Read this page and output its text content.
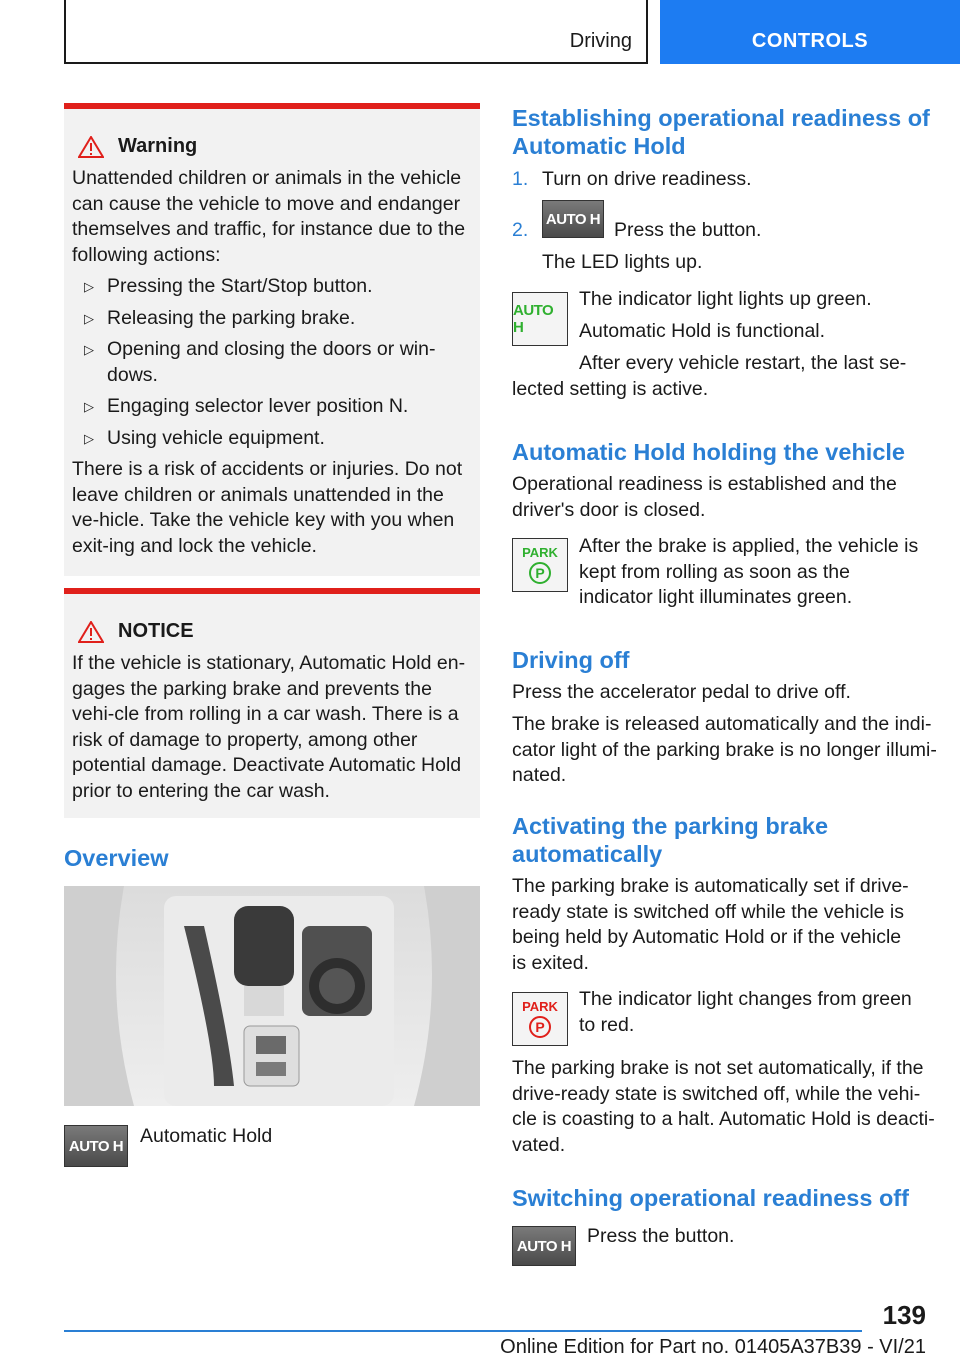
Driving	CONTROLS
Warning

Unattended children or animals in the vehicle can cause the vehicle to move and endanger themselves and traffic, for instance due to the following actions:

▷ Pressing the Start/Stop button.
▷ Releasing the parking brake.
▷ Opening and closing the doors or win-dows.
▷ Engaging selector lever position N.
▷ Using vehicle equipment.

There is a risk of accidents or injuries. Do not leave children or animals unattended in the ve-hicle. Take the vehicle key with you when exit-ing and lock the vehicle.

NOTICE

If the vehicle is stationary, Automatic Hold en-gages the parking brake and prevents the vehi-cle from rolling in a car wash. There is a risk of damage to property, among other potential damage. Deactivate Automatic Hold prior to entering the car wash.

Overview
AUTO H Automatic Hold

Establishing operational readiness of Automatic Hold

1. Turn on drive readiness.

2. AUTO H Press the button.

The LED lights up.

AUTO H

The indicator light lights up green.

Automatic Hold is functional.

After every vehicle restart, the last se-lected setting is active.

Automatic Hold holding the vehicle

Operational readiness is established and the driver's door is closed.

PARK
P

After the brake is applied, the vehicle is kept from rolling as soon as the indicator light illuminates green.

Driving off

Press the accelerator pedal to drive off.

The brake is released automatically and the indi-cator light of the parking brake is no longer illumi-nated.

Activating the parking brake automatically

The parking brake is automatically set if drive-ready state is switched off while the vehicle is being held by Automatic Hold or if the vehicle is exited.

PARK
P

The indicator light changes from green to red.

The parking brake is not set automatically, if the drive-ready state is switched off, while the vehi-cle is coasting to a halt. Automatic Hold is deacti-vated.

Switching operational readiness off
AUTO H Press the button.

139
Online Edition for Part no. 01405A37B39 - VI/21
